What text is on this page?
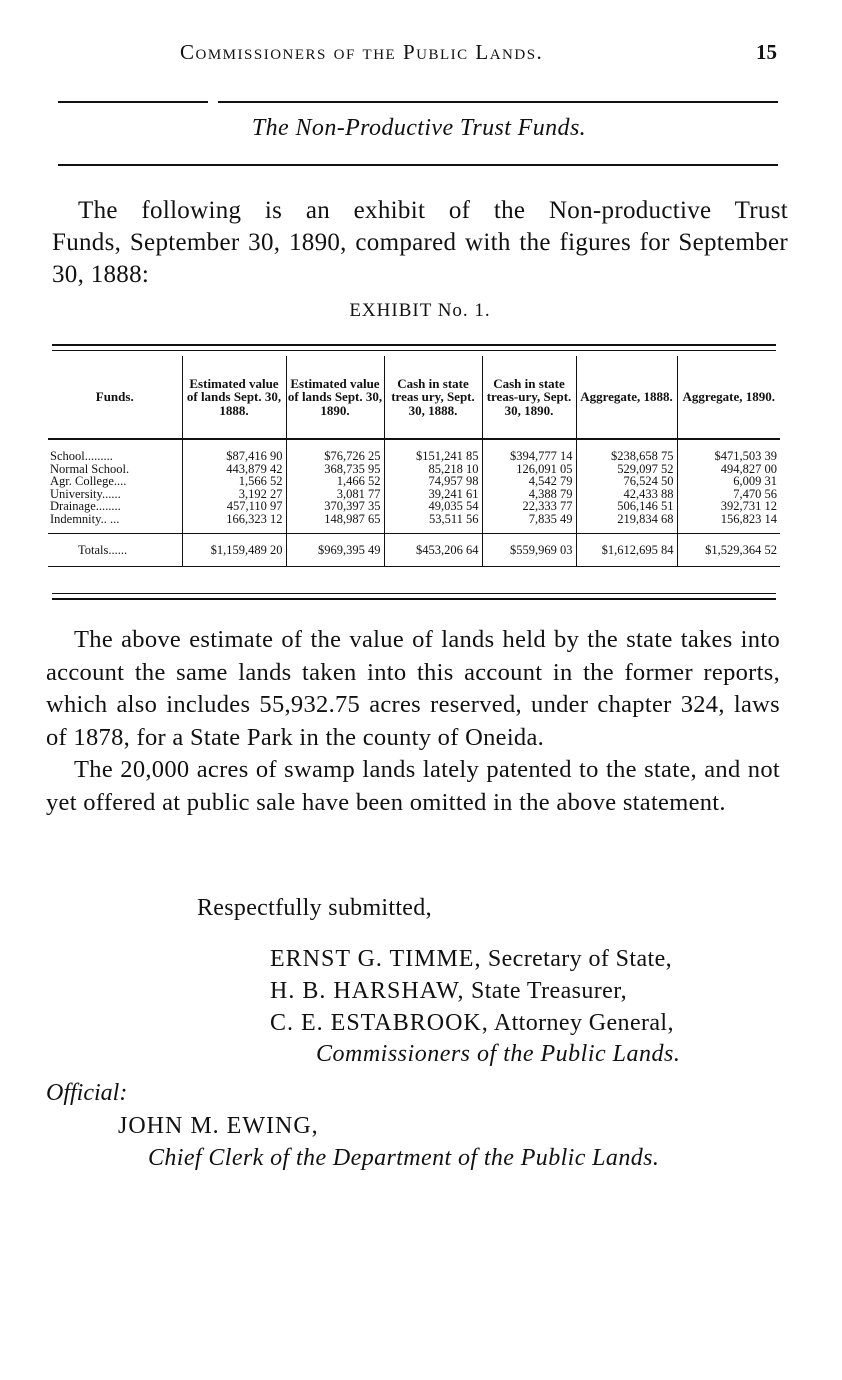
Commissioners of the Public Lands.	15
The Non-Productive Trust Funds.
The following is an exhibit of the Non-productive Trust
Funds, September 30, 1890, compared with the figures for September 30, 1888:
EXHIBIT No. 1.
Funds.	Estimated value of lands Sept. 30, 1888.	Estimated value of lands Sept. 30, 1890.	Cash in state treas ury, Sept. 30, 1888.	Cash in state treas-ury, Sept. 30, 1890.	Aggregate, 1888.	Aggregate, 1890.
School.........	$87,416 90	$76,726 25	$151,241 85	$394,777 14	$238,658 75	$471,503 39
Normal School.	443,879 42	368,735 95	85,218 10	126,091 05	529,097 52	494,827 00
Agr. College....	1,566 52	1,466 52	74,957 98	4,542 79	76,524 50	6,009 31
University......	3,192 27	3,081 77	39,241 61	4,388 79	42,433 88	7,470 56
Drainage........	457,110 97	370,397 35	49,035 54	22,333 77	506,146 51	392,731 12
Indemnity.. ...	166,323 12	148,987 65	53,511 56	7,835 49	219,834 68	156,823 14
Totals......	$1,159,489 20	$969,395 49	$453,206 64	$559,969 03	$1,612,695 84	$1,529,364 52

The above estimate of the value of lands held by the state takes into account the same lands taken into this account in the former reports, which also includes 55,932.75 acres reserved, under chapter 324, laws of 1878, for a State Park in the county of Oneida.

The 20,000 acres of swamp lands lately patented to the state, and not yet offered at public sale have been omitted in the above statement.

Respectfully submitted,
ERNST G. TIMME, Secretary of State,
H. B. HARSHAW, State Treasurer,
C. E. ESTABROOK, Attorney General,
Commissioners of the Public Lands.
Official:
JOHN M. EWING,
Chief Clerk of the Department of the Public Lands.
